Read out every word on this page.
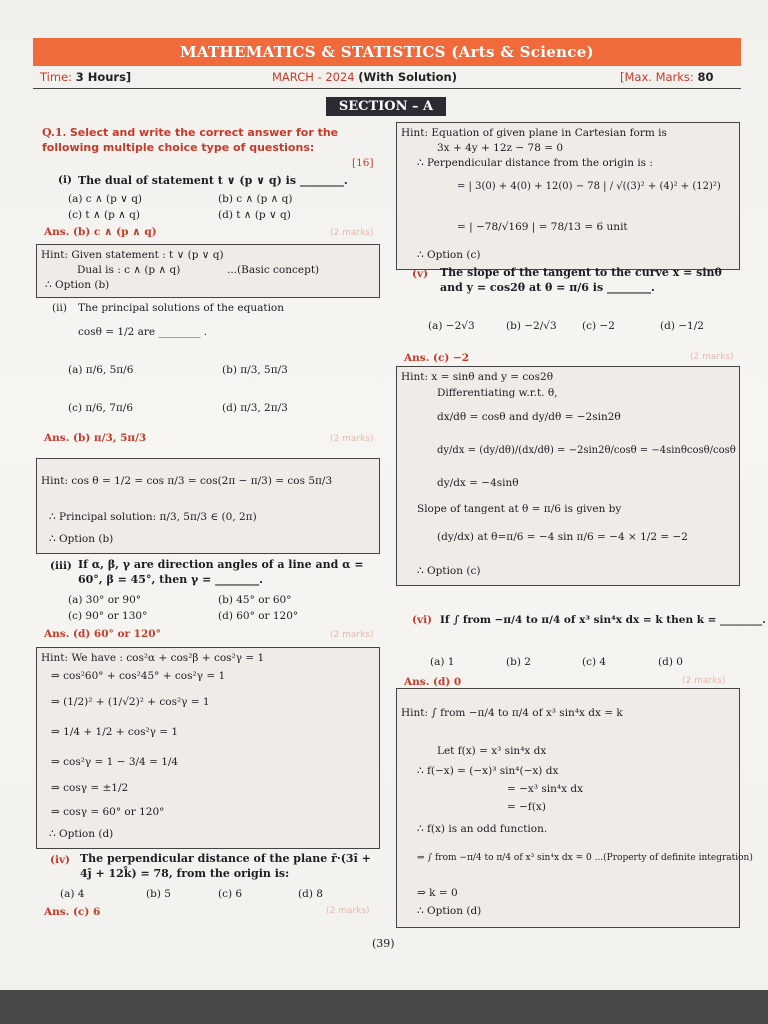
MATHEMATICS & STATISTICS (Arts & Science)
Time: 3 Hours]	MARCH - 2024 (With Solution)	[Max. Marks: 80
SECTION – A
Q.1. Select and write the correct answer for the following multiple choice type of questions:
[16]
(i) The dual of statement t ∨ (p ∨ q) is ________.
(a) c ∧ (p ∨ q)	(b) c ∧ (p ∧ q)
(c) t ∧ (p ∧ q)	(d) t ∧ (p ∨ q)
Ans. (b) c ∧ (p ∧ q)	(2 marks)
Hint: Given statement : t ∨ (p ∨ q)
Dual is : c ∧ (p ∧ q)	...(Basic concept)
∴ Option (b)
(ii) The principal solutions of the equation
cosθ = 1/2 are ________ .
(a) π/6, 5π/6	(b) π/3, 5π/3
(c) π/6, 7π/6	(d) π/3, 2π/3
Ans. (b) π/3, 5π/3	(2 marks)
Hint: cos θ = 1/2 = cos π/3 = cos(2π − π/3) = cos 5π/3
∴ Principal solution: π/3, 5π/3 ∈ (0, 2π)
∴ Option (b)
(iii) If α, β, γ are direction angles of a line and α = 60°, β = 45°, then γ = ________.
(a) 30° or 90°	(b) 45° or 60°
(c) 90° or 130°	(d) 60° or 120°
Ans. (d) 60° or 120°	(2 marks)
Hint: We have : cos²α + cos²β + cos²γ = 1
⇒ cos²60° + cos²45° + cos²γ = 1
⇒ (1/2)² + (1/√2)² + cos²γ = 1
⇒ 1/4 + 1/2 + cos²γ = 1
⇒ cos²γ = 1 − 3/4 = 1/4
⇒ cosγ = ±1/2
⇒ cosγ = 60° or 120°
∴ Option (d)
(iv) The perpendicular distance of the plane r̄·(3î + 4ĵ + 12k̂) = 78, from the origin is:
(a) 4	(b) 5	(c) 6	(d) 8
Ans. (c) 6	(2 marks)
Hint: Equation of given plane in Cartesian form is
3x + 4y + 12z − 78 = 0
∴ Perpendicular distance from the origin is :
= | 3(0) + 4(0) + 12(0) − 78 | / √((3)² + (4)² + (12)²)
= | −78/√169 | = 78/13 = 6 unit
∴ Option (c)
(v) The slope of the tangent to the curve x = sinθ and y = cos2θ at θ = π/6 is ________.
(a) −2√3	(b) −2/√3 (c) −2	(d) −1/2
Ans. (c) −2	(2 marks)
Hint: x = sinθ and y = cos2θ
Differentiating w.r.t. θ,
dx/dθ = cosθ and dy/dθ = −2sin2θ
dy/dx = (dy/dθ)/(dx/dθ) = −2sin2θ/cosθ = −4sinθcosθ/cosθ
dy/dx = −4sinθ
Slope of tangent at θ = π/6 is given by
(dy/dx) at θ=π/6 = −4 sin π/6 = −4 × 1/2 = −2
∴ Option (c)
(vi) If ∫ from −π/4 to π/4 of x³ sin⁴x dx = k then k = ________.
(a) 1	(b) 2	(c) 4	(d) 0
Ans. (d) 0	(2 marks)
Hint: ∫ from −π/4 to π/4 of x³ sin⁴x dx = k
Let f(x) = x³ sin⁴x dx
∴ f(−x) = (−x)³ sin⁴(−x) dx
= −x³ sin⁴x dx
= −f(x)
∴ f(x) is an odd function.
⇒ ∫ from −π/4 to π/4 of x³ sin⁴x dx = 0 ...(Property of definite integration)
⇒ k = 0
∴ Option (d)
(39)
